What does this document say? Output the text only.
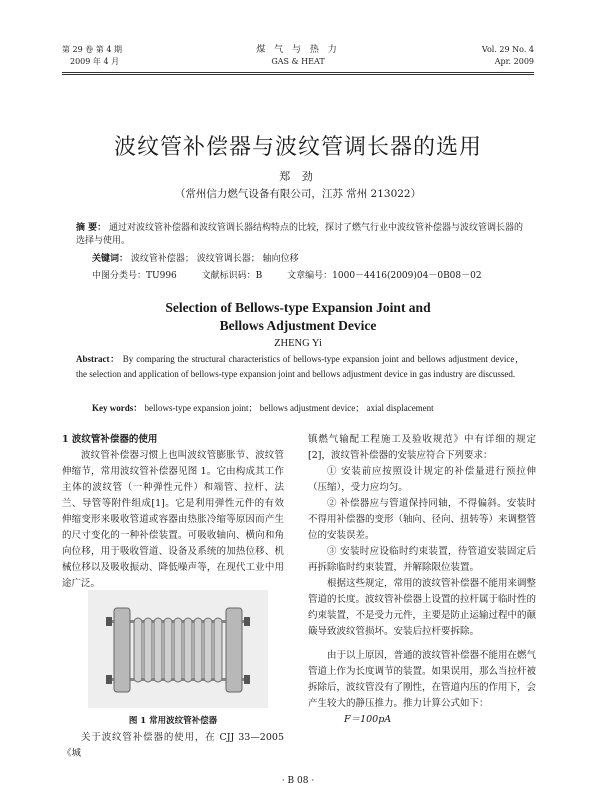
第 29 卷 第 4 期
2009 年 4 月
煤 气 与 热 力
GAS & HEAT
Vol. 29 No. 4
Apr. 2009
波纹管补偿器与波纹管调长器的选用
郑 劲
（常州信力燃气设备有限公司，江苏 常州 213022）
摘 要： 通过对波纹管补偿器和波纹管调长器结构特点的比较，探讨了燃气行业中波纹管补偿器与波纹管调长器的选择与使用。
关键词： 波纹管补偿器； 波纹管调长器； 轴向位移
中图分类号：TU996	文献标识码：B	文章编号：1000－4416(2009)04－0B08－02
Selection of Bellows-type Expansion Joint and
Bellows Adjustment Device
ZHENG Yi
Abstract： By comparing the structural characteristics of bellows-type expansion joint and bellows adjustment device，the selection and application of bellows-type expansion joint and bellows adjustment device in gas industry are discussed.
Key words： bellows-type expansion joint； bellows adjustment device； axial displacement
1 波纹管补偿器的使用

波纹管补偿器习惯上也叫波纹管膨胀节、波纹管伸缩节，常用波纹管补偿器见图 1。它由构成其工作主体的波纹管（一种弹性元件）和端管、拉杆、法兰、导管等附件组成[1]。它是利用弹性元件的有效伸缩变形来吸收管道或容器由热胀冷缩等原因而产生的尺寸变化的一种补偿装置。可吸收轴向、横向和角向位移，用于吸收管道、设备及系统的加热位移、机械位移以及吸收振动、降低噪声等，在现代工业中用途广泛。

图 1 常用波纹管补偿器

关于波纹管补偿器的使用，在 CJJ 33—2005《城

镇燃气输配工程施工及验收规范》中有详细的规定[2]，波纹管补偿器的安装应符合下列要求：

① 安装前应按照设计规定的补偿量进行预拉伸（压缩），受力应均匀。

② 补偿器应与管道保持同轴，不得偏斜。安装时不得用补偿器的变形（轴向、径向、扭转等）来调整管位的安装误差。

③ 安装时应设临时约束装置，待管道安装固定后再拆除临时约束装置，并解除限位装置。

根据这些规定，常用的波纹管补偿器不能用来调整管道的长度。波纹管补偿器上设置的拉杆属于临时性的约束装置，不是受力元件，主要是防止运输过程中的颠簸导致波纹管损坏。安装后拉杆要拆除。

由于以上原因，普通的波纹管补偿器不能用在燃气管道上作为长度调节的装置。如果误用，那么当拉杆被拆除后，波纹管没有了刚性，在管道内压的作用下，会产生较大的静压推力。推力计算公式如下：

F＝100pA
· B 08 ·
